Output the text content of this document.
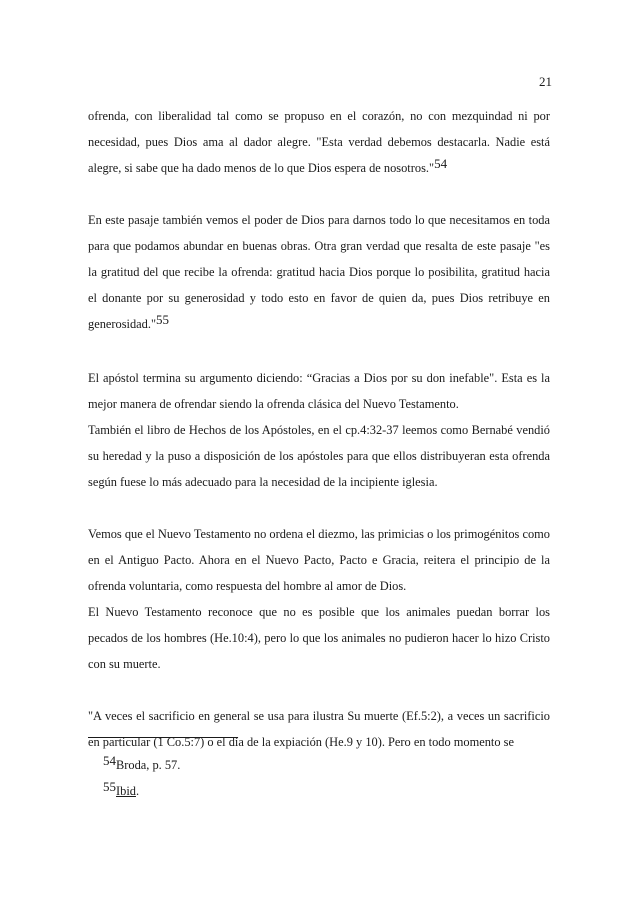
21

ofrenda, con liberalidad tal como se propuso en el corazón, no con mezquindad ni por necesidad, pues Dios ama al dador alegre. "Esta verdad debemos destacarla. Nadie está alegre, si sabe que ha dado menos de lo que Dios espera de nosotros."54

En este pasaje también vemos el poder de Dios para darnos todo lo que necesitamos en toda para que podamos abundar en buenas obras. Otra gran verdad que resalta de este pasaje "es la gratitud del que recibe la ofrenda: gratitud hacia Dios porque lo posibilita, gratitud hacia el donante por su generosidad y todo esto en favor de quien da, pues Dios retribuye en generosidad."55

El apóstol termina su argumento diciendo: “Gracias a Dios por su don inefable". Esta es la mejor manera de ofrendar siendo la ofrenda clásica del Nuevo Testamento.

También el libro de Hechos de los Apóstoles, en el cp.4:32-37 leemos como Bernabé vendió su heredad y la puso a disposición de los apóstoles para que ellos distribuyeran esta ofrenda según fuese lo más adecuado para la necesidad de la incipiente iglesia.

Vemos que el Nuevo Testamento no ordena el diezmo, las primicias o los primogénitos como en el Antiguo Pacto. Ahora en el Nuevo Pacto, Pacto e Gracia, reitera el principio de la ofrenda voluntaria, como respuesta del hombre al amor de Dios.

El Nuevo Testamento reconoce que no es posible que los animales puedan borrar los pecados de los hombres (He.10:4), pero lo que los animales no pudieron hacer lo hizo Cristo con su muerte.

"A veces el sacrificio en general se usa para ilustra Su muerte (Ef.5:2), a veces un sacrificio en particular (1 Co.5:7) o el día de la expiación (He.9 y 10). Pero en todo momento se

54Broda, p. 57.
55Ibid.
